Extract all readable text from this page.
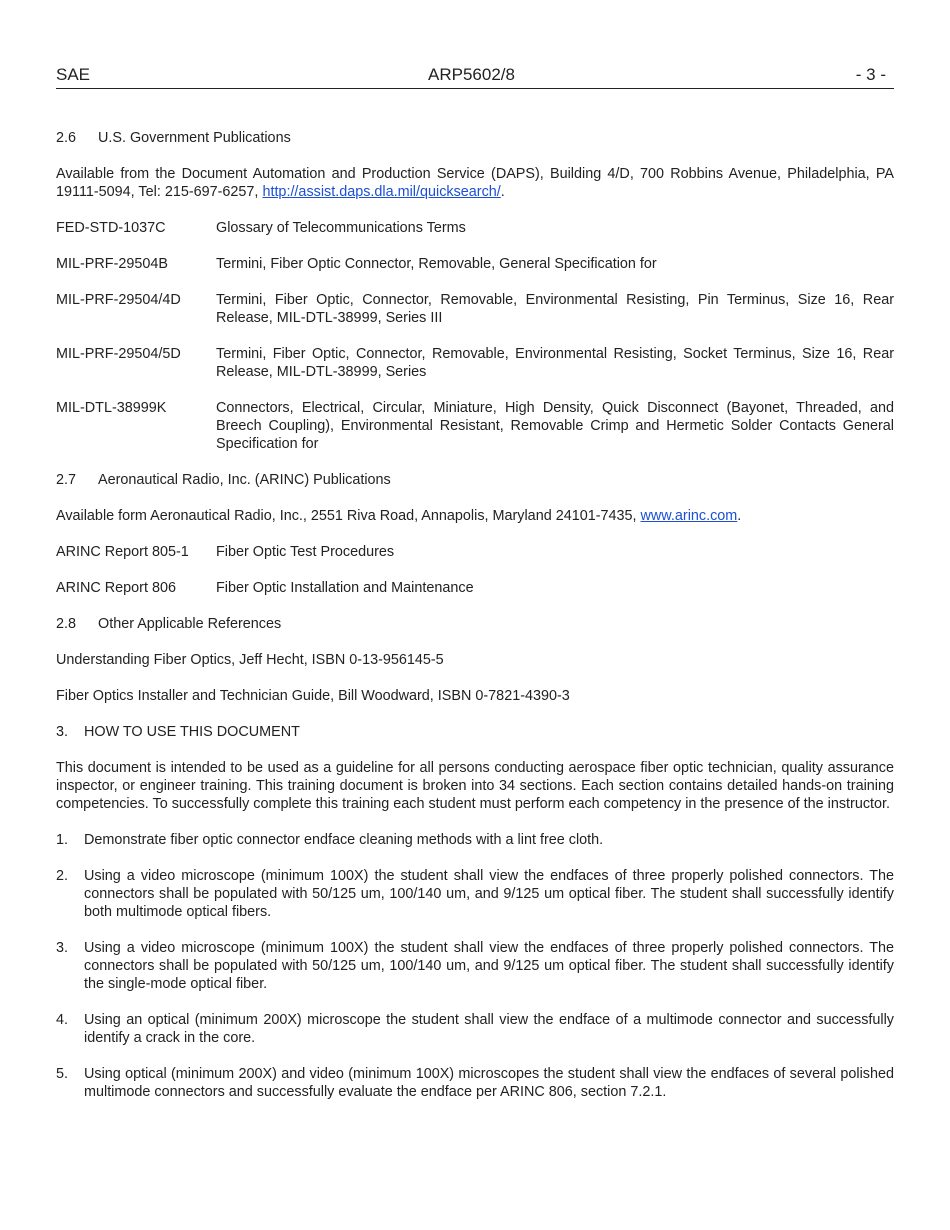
SAE	ARP5602/8	- 3 -
2.6 U.S. Government Publications

Available from the Document Automation and Production Service (DAPS), Building 4/D, 700 Robbins Avenue, Philadelphia, PA 19111-5094, Tel: 215-697-6257, http://assist.daps.dla.mil/quicksearch/.

FED-STD-1037C	Glossary of Telecommunications Terms
MIL-PRF-29504B	Termini, Fiber Optic Connector, Removable, General Specification for
MIL-PRF-29504/4D	Termini, Fiber Optic, Connector, Removable, Environmental Resisting, Pin Terminus, Size 16, Rear Release, MIL-DTL-38999, Series III
MIL-PRF-29504/5D	Termini, Fiber Optic, Connector, Removable, Environmental Resisting, Socket Terminus, Size 16, Rear Release, MIL-DTL-38999, Series
MIL-DTL-38999K	Connectors, Electrical, Circular, Miniature, High Density, Quick Disconnect (Bayonet, Threaded, and Breech Coupling), Environmental Resistant, Removable Crimp and Hermetic Solder Contacts General Specification for
2.7 Aeronautical Radio, Inc. (ARINC) Publications

Available form Aeronautical Radio, Inc., 2551 Riva Road, Annapolis, Maryland 24101-7435, www.arinc.com.

ARINC Report 805-1	Fiber Optic Test Procedures
ARINC Report 806	Fiber Optic Installation and Maintenance
2.8 Other Applicable References

Understanding Fiber Optics, Jeff Hecht, ISBN 0-13-956145-5

Fiber Optics Installer and Technician Guide, Bill Woodward, ISBN 0-7821-4390-3

3. HOW TO USE THIS DOCUMENT

This document is intended to be used as a guideline for all persons conducting aerospace fiber optic technician, quality assurance inspector, or engineer training. This training document is broken into 34 sections. Each section contains detailed hands-on training competencies. To successfully complete this training each student must perform each competency in the presence of the instructor.

1.	Demonstrate fiber optic connector endface cleaning methods with a lint free cloth.
2.	Using a video microscope (minimum 100X) the student shall view the endfaces of three properly polished connectors. The connectors shall be populated with 50/125 um, 100/140 um, and 9/125 um optical fiber. The student shall successfully identify both multimode optical fibers.
3.	Using a video microscope (minimum 100X) the student shall view the endfaces of three properly polished connectors. The connectors shall be populated with 50/125 um, 100/140 um, and 9/125 um optical fiber. The student shall successfully identify the single-mode optical fiber.
4.	Using an optical (minimum 200X) microscope the student shall view the endface of a multimode connector and successfully identify a crack in the core.
5.	Using optical (minimum 200X) and video (minimum 100X) microscopes the student shall view the endfaces of several polished multimode connectors and successfully evaluate the endface per ARINC 806, section 7.2.1.
